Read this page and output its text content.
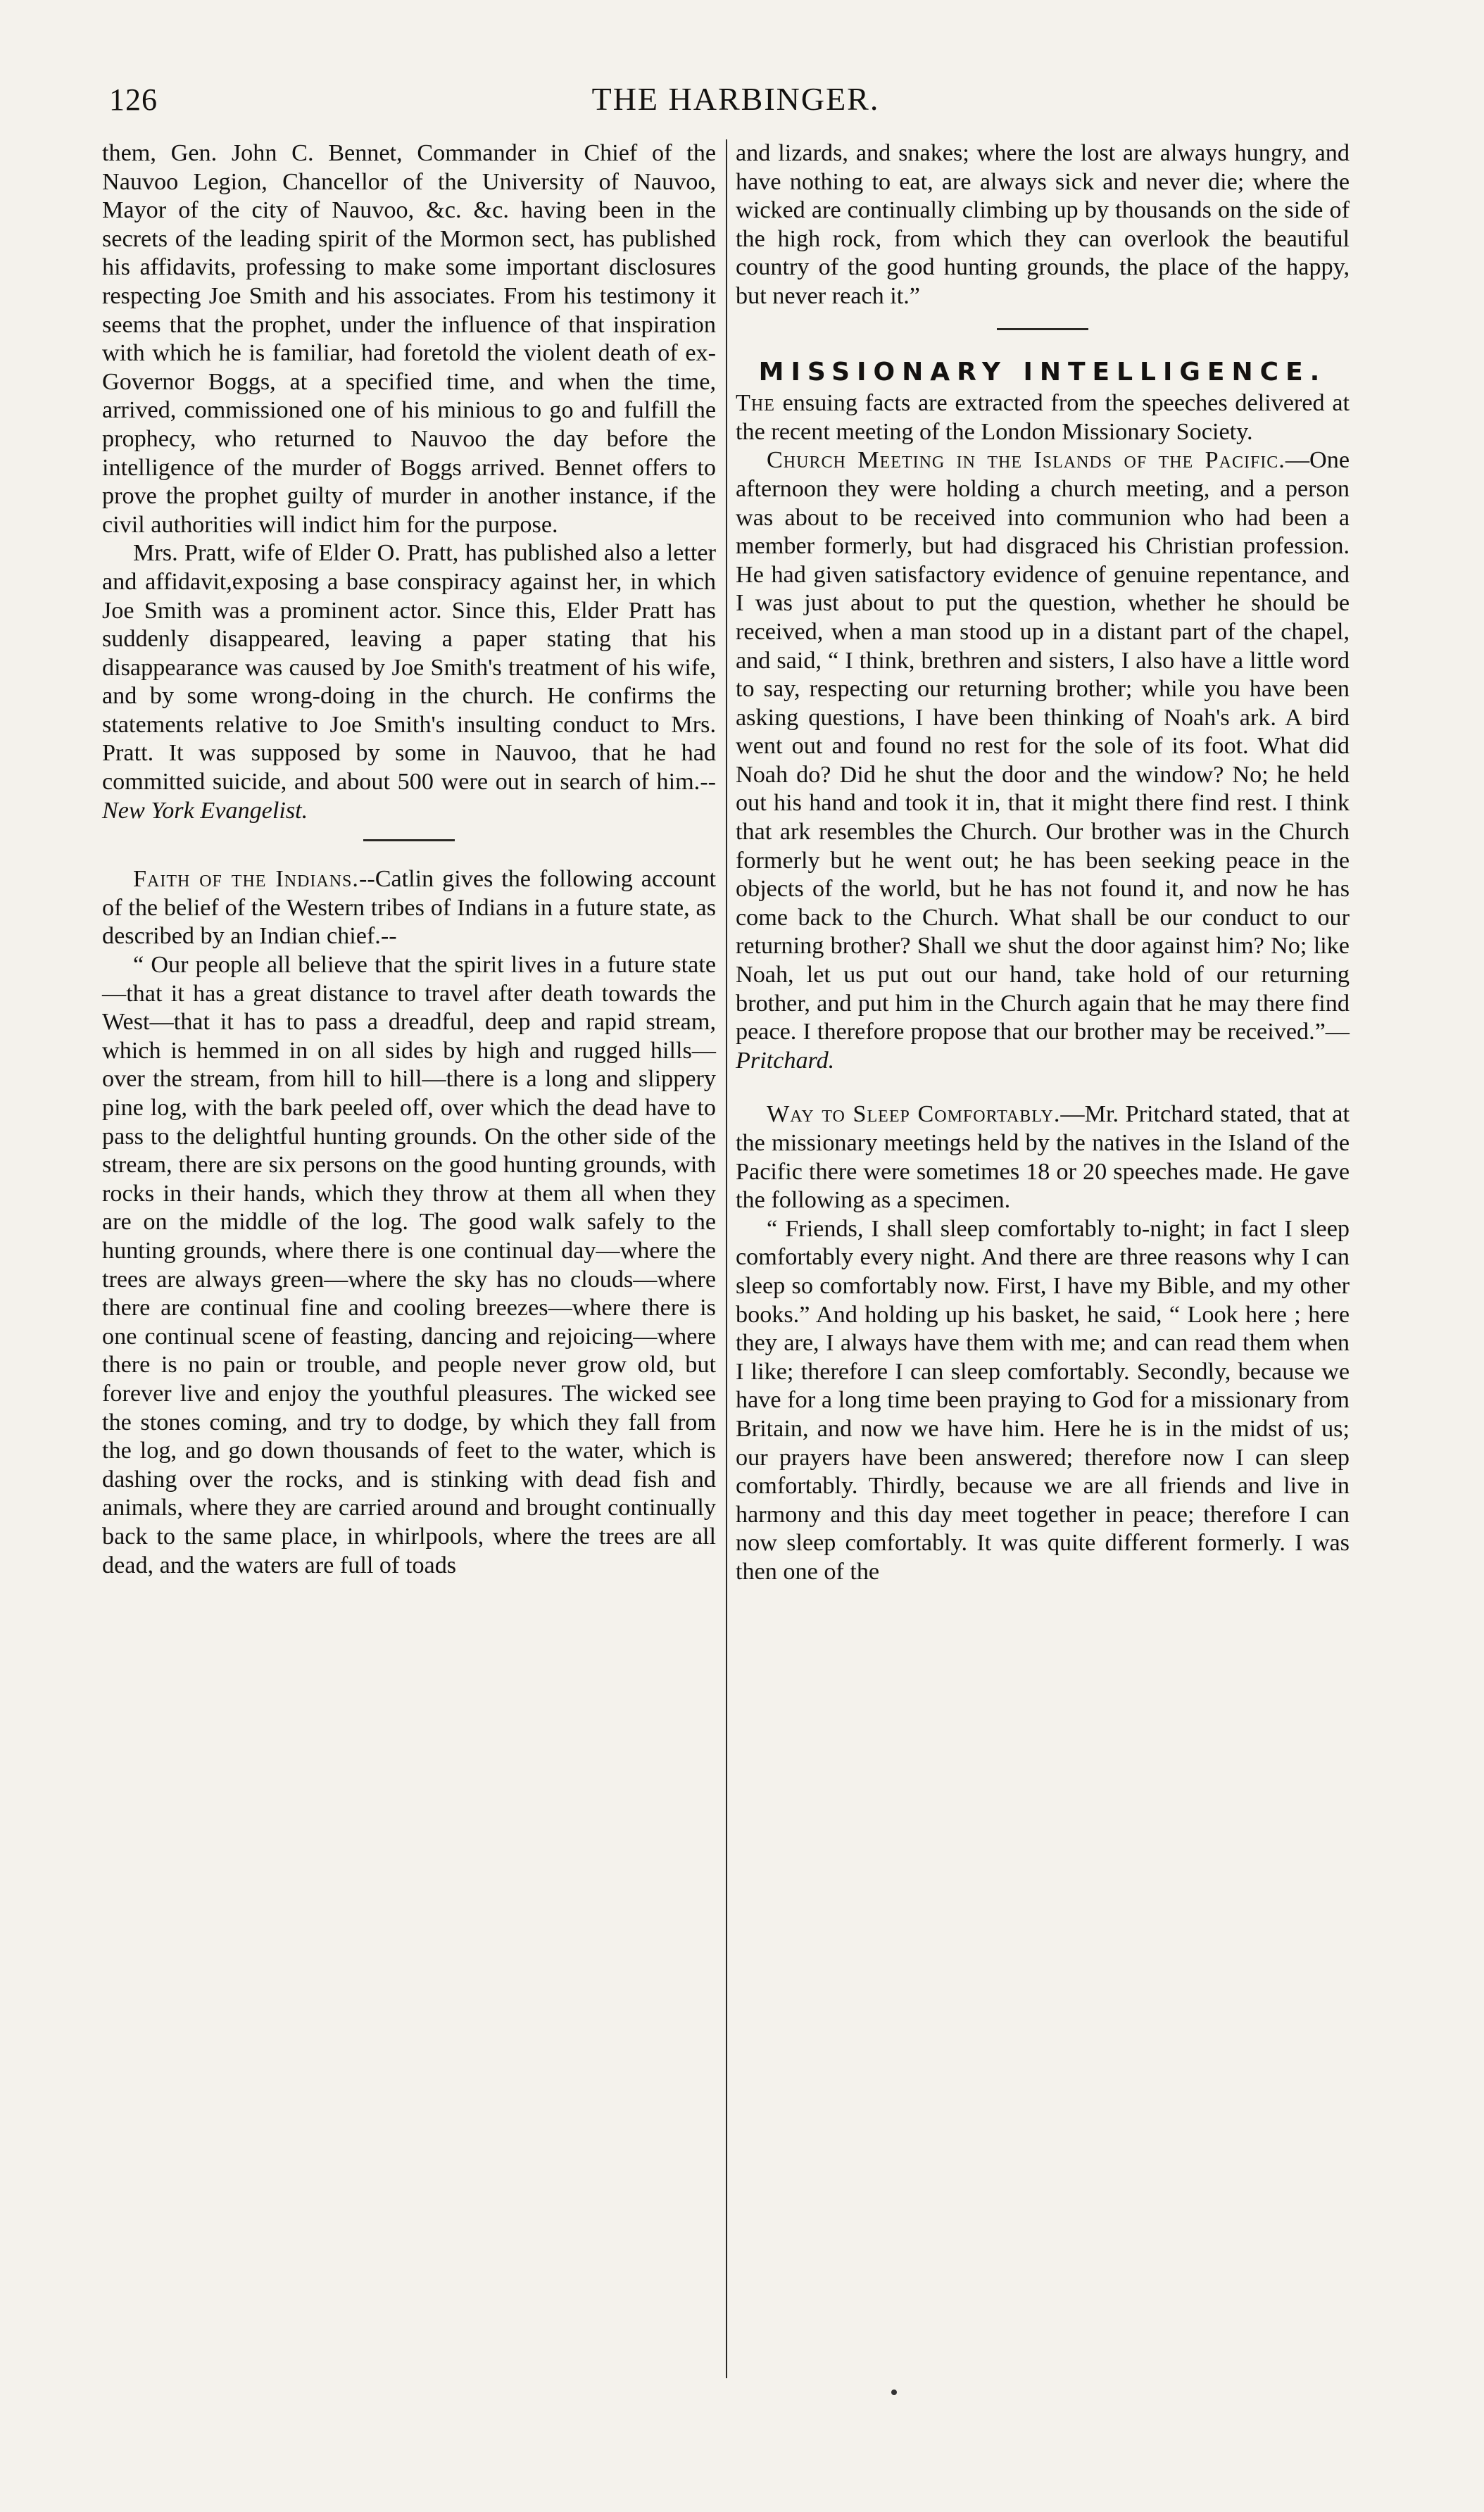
126	THE HARBINGER.

them, Gen. John C. Bennet, Commander in Chief of the Nauvoo Legion, Chancellor of the University of Nauvoo, Mayor of the city of Nauvoo, &c. &c. having been in the secrets of the leading spirit of the Mormon sect, has published his affidavits, professing to make some important disclosures respecting Joe Smith and his associates. From his testimony it seems that the prophet, under the influence of that inspiration with which he is familiar, had foretold the violent death of ex-Governor Boggs, at a specified time, and when the time, arrived, commissioned one of his minious to go and fulfill the prophecy, who returned to Nauvoo the day before the intelligence of the murder of Boggs arrived. Bennet offers to prove the prophet guilty of murder in another instance, if the civil authorities will indict him for the purpose.

Mrs. Pratt, wife of Elder O. Pratt, has published also a letter and affidavit,exposing a base conspiracy against her, in which Joe Smith was a prominent actor. Since this, Elder Pratt has suddenly disappeared, leaving a paper stating that his disappearance was caused by Joe Smith's treatment of his wife, and by some wrong-doing in the church. He confirms the statements relative to Joe Smith's insulting conduct to Mrs. Pratt. It was supposed by some in Nauvoo, that he had committed suicide, and about 500 were out in search of him.--New York Evangelist.

Faith of the Indians.--Catlin gives the following account of the belief of the Western tribes of Indians in a future state, as described by an Indian chief.--

“ Our people all believe that the spirit lives in a future state—that it has a great distance to travel after death towards the West—that it has to pass a dreadful, deep and rapid stream, which is hemmed in on all sides by high and rugged hills—over the stream, from hill to hill—there is a long and slippery pine log, with the bark peeled off, over which the dead have to pass to the delightful hunting grounds. On the other side of the stream, there are six persons on the good hunting grounds, with rocks in their hands, which they throw at them all when they are on the middle of the log. The good walk safely to the hunting grounds, where there is one continual day—where the trees are always green—where the sky has no clouds—where there are continual fine and cooling breezes—where there is one continual scene of feasting, dancing and rejoicing—where there is no pain or trouble, and people never grow old, but forever live and enjoy the youthful pleasures. The wicked see the stones coming, and try to dodge, by which they fall from the log, and go down thousands of feet to the water, which is dashing over the rocks, and is stinking with dead fish and animals, where they are carried around and brought continually back to the same place, in whirlpools, where the trees are all dead, and the waters are full of toads

and lizards, and snakes; where the lost are always hungry, and have nothing to eat, are always sick and never die; where the wicked are continually climbing up by thousands on the side of the high rock, from which they can overlook the beautiful country of the good hunting grounds, the place of the happy, but never reach it.”

MISSIONARY INTELLIGENCE.

The ensuing facts are extracted from the speeches delivered at the recent meeting of the London Missionary Society.

Church Meeting in the Islands of the Pacific.—One afternoon they were holding a church meeting, and a person was about to be received into communion who had been a member formerly, but had disgraced his Christian profession. He had given satisfactory evidence of genuine repentance, and I was just about to put the question, whether he should be received, when a man stood up in a distant part of the chapel, and said, “ I think, brethren and sisters, I also have a little word to say, respecting our returning brother; while you have been asking questions, I have been thinking of Noah's ark. A bird went out and found no rest for the sole of its foot. What did Noah do? Did he shut the door and the window? No; he held out his hand and took it in, that it might there find rest. I think that ark resembles the Church. Our brother was in the Church formerly but he went out; he has been seeking peace in the objects of the world, but he has not found it, and now he has come back to the Church. What shall be our conduct to our returning brother? Shall we shut the door against him? No; like Noah, let us put out our hand, take hold of our returning brother, and put him in the Church again that he may there find peace. I therefore propose that our brother may be received.”—Pritchard.

Way to Sleep Comfortably.—Mr. Pritchard stated, that at the missionary meetings held by the natives in the Island of the Pacific there were sometimes 18 or 20 speeches made. He gave the following as a specimen.

“ Friends, I shall sleep comfortably to-night; in fact I sleep comfortably every night. And there are three reasons why I can sleep so comfortably now. First, I have my Bible, and my other books.” And holding up his basket, he said, “ Look here ; here they are, I always have them with me; and can read them when I like; therefore I can sleep comfortably. Secondly, because we have for a long time been praying to God for a missionary from Britain, and now we have him. Here he is in the midst of us; our prayers have been answered; therefore now I can sleep comfortably. Thirdly, because we are all friends and live in harmony and this day meet together in peace; therefore I can now sleep comfortably. It was quite different formerly. I was then one of the
